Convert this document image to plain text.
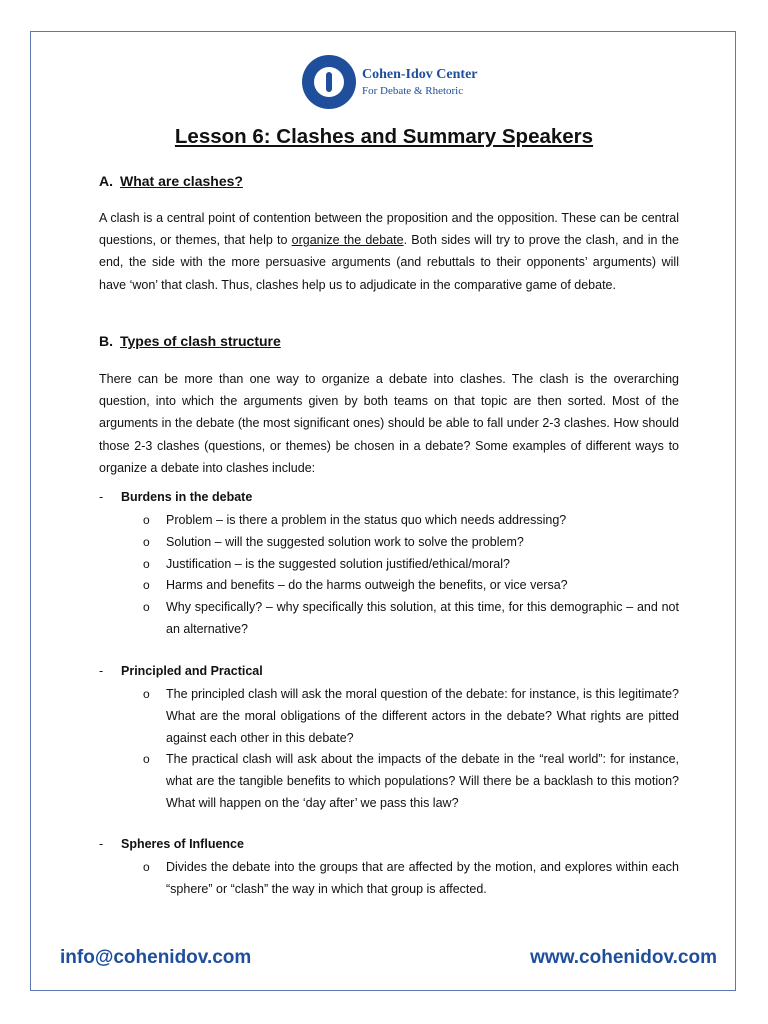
Cohen-Idov Center
For Debate & Rhetoric
Lesson 6: Clashes and Summary Speakers
A. What are clashes?
A clash is a central point of contention between the proposition and the opposition. These can be central questions, or themes, that help to organize the debate. Both sides will try to prove the clash, and in the end, the side with the more persuasive arguments (and rebuttals to their opponents’ arguments) will have ‘won’ that clash. Thus, clashes help us to adjudicate in the comparative game of debate.
B. Types of clash structure
There can be more than one way to organize a debate into clashes. The clash is the overarching question, into which the arguments given by both teams on that topic are then sorted. Most of the arguments in the debate (the most significant ones) should be able to fall under 2-3 clashes. How should those 2-3 clashes (questions, or themes) be chosen in a debate? Some examples of different ways to organize a debate into clashes include:
- Burdens in the debate
o Problem – is there a problem in the status quo which needs addressing?
o Solution – will the suggested solution work to solve the problem?
o Justification – is the suggested solution justified/ethical/moral?
o Harms and benefits – do the harms outweigh the benefits, or vice versa?
o Why specifically? – why specifically this solution, at this time, for this demographic – and not an alternative?
- Principled and Practical
o The principled clash will ask the moral question of the debate: for instance, is this legitimate? What are the moral obligations of the different actors in the debate? What rights are pitted against each other in this debate?
o The practical clash will ask about the impacts of the debate in the “real world”: for instance, what are the tangible benefits to which populations? Will there be a backlash to this motion? What will happen on the ‘day after’ we pass this law?
- Spheres of Influence
o Divides the debate into the groups that are affected by the motion, and explores within each “sphere” or “clash” the way in which that group is affected.
info@cohenidov.com	www.cohenidov.com
